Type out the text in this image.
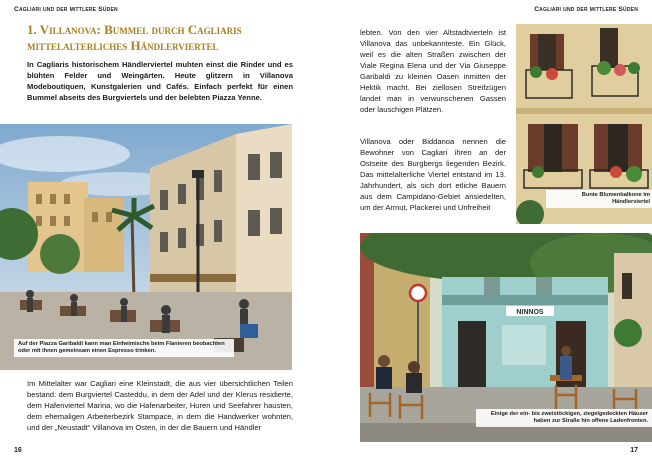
Cagliari und der mittlere Süden
1. Villanova: Bummel durch Cagliaris mittelalterliches Händlerviertel

In Cagliaris historischem Händlerviertel muhten einst die Rinder und es blühten Felder und Weingärten. Heute glitzern in Villanova Modeboutiquen, Kunstgalerien und Cafés. Einfach perfekt für einen Bummel abseits des Burgviertels und der belebten Piazza Yenne.

Auf der Piazza Garibaldi kann man Einheimische beim Flanieren beobachten oder mit ihnen gemeinsam einen Espresso trinken.

Im Mittelalter war Cagliari eine Kleinstadt, die aus vier übersichtlichen Teilen bestand: dem Burgviertel Casteddu, in dem der Adel und der Klerus residierte, dem Hafenviertel Marina, wo die Hafenarbeiter, Huren und Seefahrer hausten, dem ehemaligen Arbeiterbezirk Stampace, in dem die Handwerker wohnten, und der „Neustadt“ Villanova im Osten, in der die Bauern und Händler

16
Cagliari und der mittlere Süden

lebten. Von den vier Altstadtvierteln ist Villanova das unbekannteste. Ein Glück, weil es die alten Straßen zwischen der Viale Regina Elena und der Via Giuseppe Garibaldi zu kleinen Oasen inmitten der Hektik macht. Bei ziellosen Streifzügen landet man in verwunschenen Gassen oder lauschigen Plätzen.

Villanova oder Biddanoa nennen die Bewohner von Cagliari ihren an der Ostseite des Burgbergs liegenden Bezirk. Das mittelalterliche Viertel entstand im 13. Jahrhundert, als sich dort etliche Bauern aus dem Campidano-Gebiet ansiedelten, um der Armut, Plackerei und Unfreiheit

Bunte Blumenbalkone im Händlerviertel
NINNOS
Einige der ein- bis zweistöckigen, ziegelgedeckten Häuser haben zur Straße hin offene Ladenfronten.
17
